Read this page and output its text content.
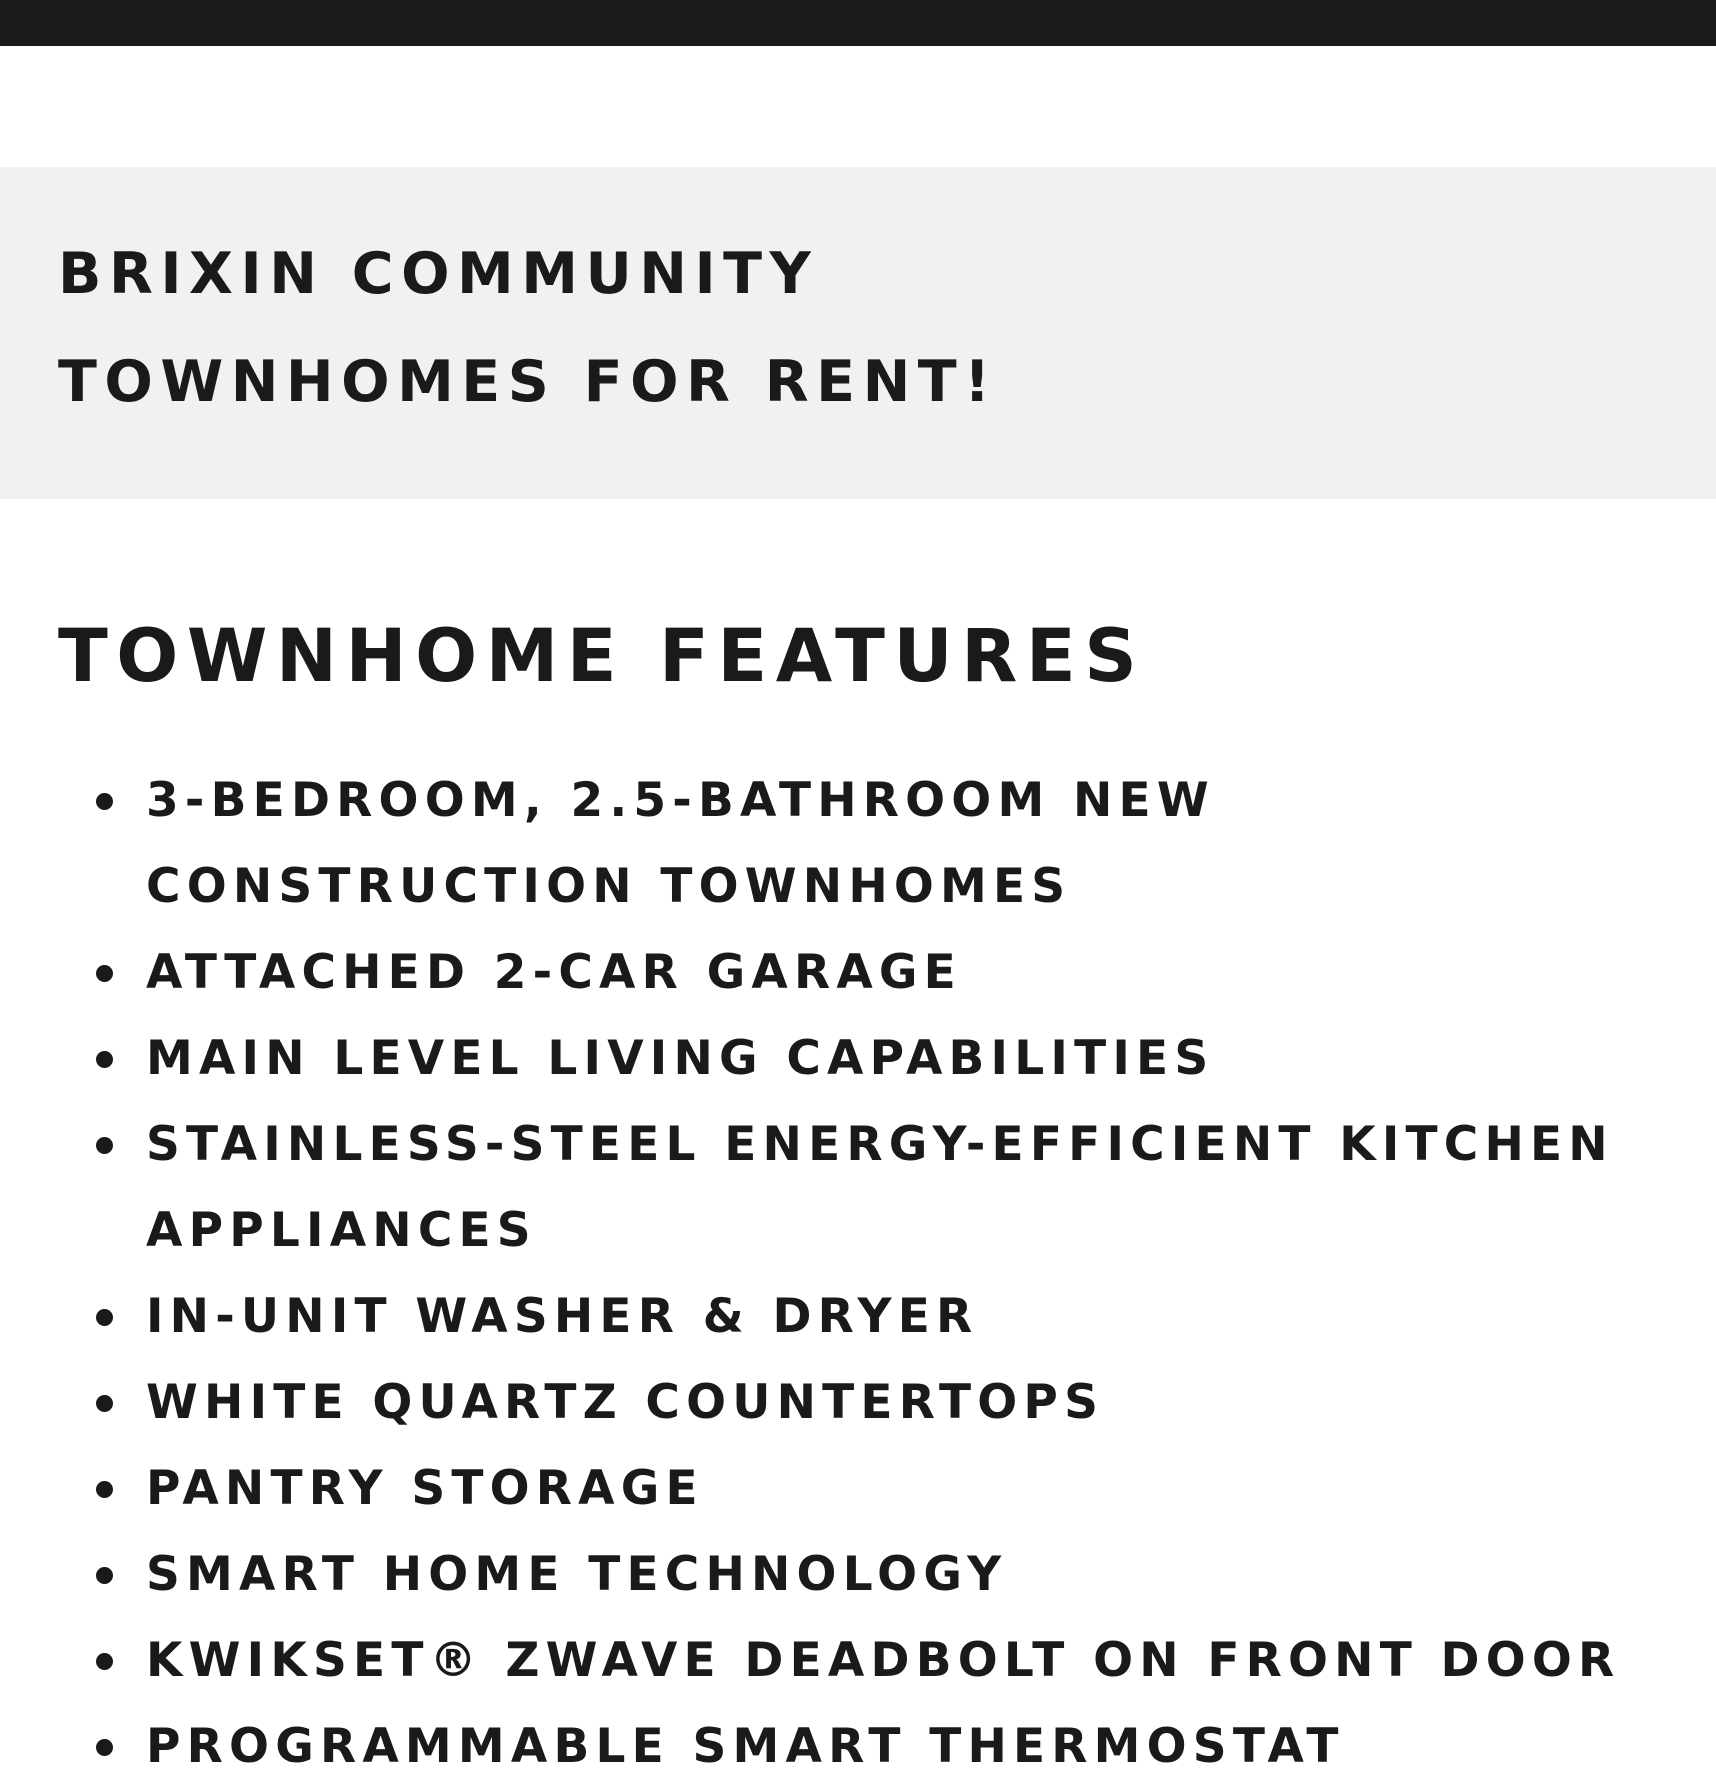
BRIXIN COMMUNITY
TOWNHOMES FOR RENT!
TOWNHOME FEATURES
3-BEDROOM, 2.5-BATHROOM NEW
CONSTRUCTION TOWNHOMES
ATTACHED 2-CAR GARAGE
MAIN LEVEL LIVING CAPABILITIES
STAINLESS-STEEL ENERGY-EFFICIENT KITCHEN
APPLIANCES
IN-UNIT WASHER & DRYER
WHITE QUARTZ COUNTERTOPS
PANTRY STORAGE
SMART HOME TECHNOLOGY
KWIKSET® ZWAVE DEADBOLT ON FRONT DOOR
PROGRAMMABLE SMART THERMOSTAT
